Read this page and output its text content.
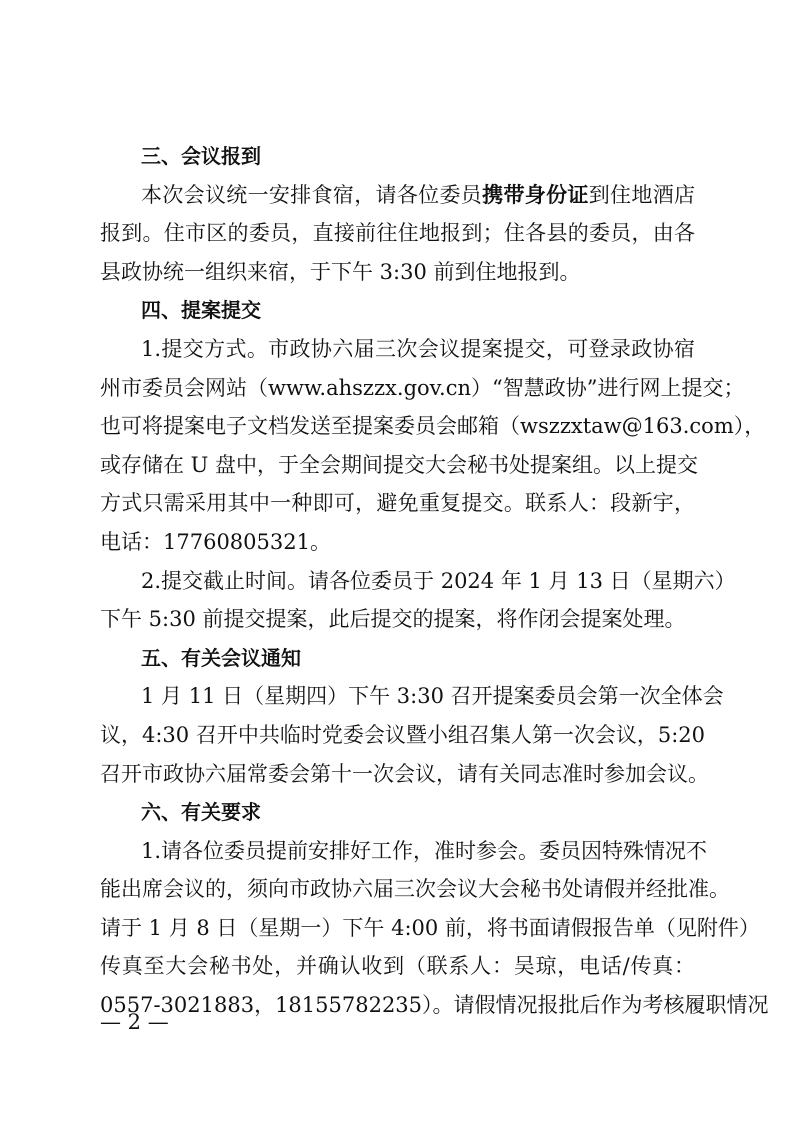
三、会议报到
本次会议统一安排食宿，请各位委员携带身份证到住地酒店
报到。住市区的委员，直接前往住地报到；住各县的委员，由各
县政协统一组织来宿，于下午 3:30 前到住地报到。
四、提案提交
1.提交方式。市政协六届三次会议提案提交，可登录政协宿
州市委员会网站（www.ahszzx.gov.cn）“智慧政协”进行网上提交；
也可将提案电子文档发送至提案委员会邮箱（wszzxtaw@163.com），
或存储在 U 盘中，于全会期间提交大会秘书处提案组。以上提交
方式只需采用其中一种即可，避免重复提交。联系人：段新宇，
电话：17760805321。
2.提交截止时间。请各位委员于 2024 年 1 月 13 日（星期六）
下午 5:30 前提交提案，此后提交的提案，将作闭会提案处理。
五、有关会议通知
1 月 11 日（星期四）下午 3:30 召开提案委员会第一次全体会
议，4:30 召开中共临时党委会议暨小组召集人第一次会议，5:20
召开市政协六届常委会第十一次会议，请有关同志准时参加会议。
六、有关要求
1.请各位委员提前安排好工作，准时参会。委员因特殊情况不
能出席会议的，须向市政协六届三次会议大会秘书处请假并经批准。
请于 1 月 8 日（星期一）下午 4:00 前，将书面请假报告单（见附件）
传真至大会秘书处，并确认收到（联系人：吴琼，电话/传真：
0557-3021883，18155782235）。请假情况报批后作为考核履职情况
— 2 —
